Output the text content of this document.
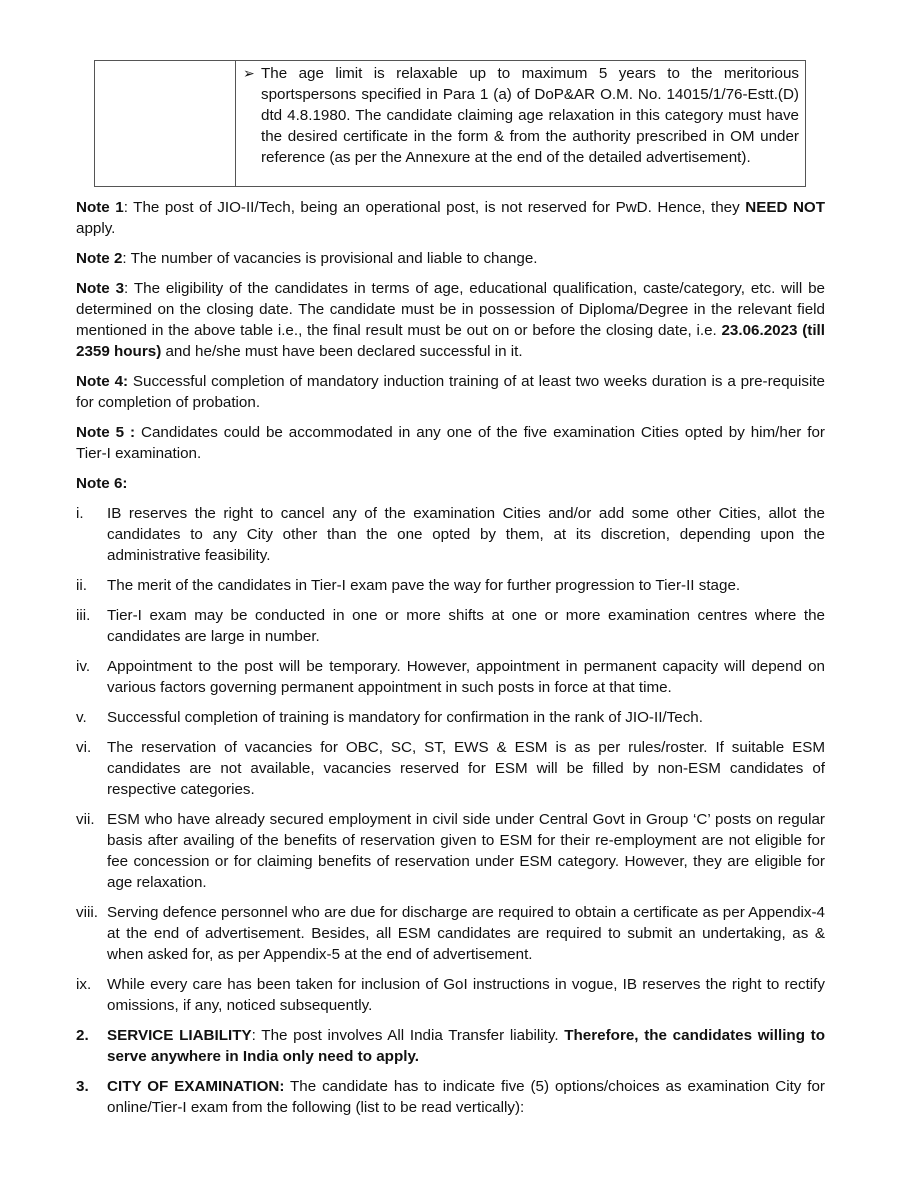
➢ The age limit is relaxable up to maximum 5 years to the meritorious sportspersons specified in Para 1 (a) of DoP&AR O.M. No. 14015/1/76-Estt.(D) dtd 4.8.1980. The candidate claiming age relaxation in this category must have the desired certificate in the form & from the authority prescribed in OM under reference (as per the Annexure at the end of the detailed advertisement).

Note 1: The post of JIO-II/Tech, being an operational post, is not reserved for PwD. Hence, they NEED NOT apply.

Note 2: The number of vacancies is provisional and liable to change.

Note 3: The eligibility of the candidates in terms of age, educational qualification, caste/category, etc. will be determined on the closing date. The candidate must be in possession of Diploma/Degree in the relevant field mentioned in the above table i.e., the final result must be out on or before the closing date, i.e. 23.06.2023 (till 2359 hours) and he/she must have been declared successful in it.

Note 4: Successful completion of mandatory induction training of at least two weeks duration is a pre-requisite for completion of probation.

Note 5 : Candidates could be accommodated in any one of the five examination Cities opted by him/her for Tier-I examination.

Note 6:

i. IB reserves the right to cancel any of the examination Cities and/or add some other Cities, allot the candidates to any City other than the one opted by them, at its discretion, depending upon the administrative feasibility.
ii. The merit of the candidates in Tier-I exam pave the way for further progression to Tier-II stage.
iii. Tier-I exam may be conducted in one or more shifts at one or more examination centres where the candidates are large in number.
iv. Appointment to the post will be temporary. However, appointment in permanent capacity will depend on various factors governing permanent appointment in such posts in force at that time.
v. Successful completion of training is mandatory for confirmation in the rank of JIO-II/Tech.
vi. The reservation of vacancies for OBC, SC, ST, EWS & ESM is as per rules/roster. If suitable ESM candidates are not available, vacancies reserved for ESM will be filled by non-ESM candidates of respective categories.
vii. ESM who have already secured employment in civil side under Central Govt in Group ‘C’ posts on regular basis after availing of the benefits of reservation given to ESM for their re-employment are not eligible for fee concession or for claiming benefits of reservation under ESM category. However, they are eligible for age relaxation.
viii. Serving defence personnel who are due for discharge are required to obtain a certificate as per Appendix-4 at the end of advertisement. Besides, all ESM candidates are required to submit an undertaking, as & when asked for, as per Appendix-5 at the end of advertisement.
ix. While every care has been taken for inclusion of GoI instructions in vogue, IB reserves the right to rectify omissions, if any, noticed subsequently.
2. SERVICE LIABILITY: The post involves All India Transfer liability. Therefore, the candidates willing to serve anywhere in India only need to apply.
3. CITY OF EXAMINATION: The candidate has to indicate five (5) options/choices as examination City for online/Tier-I exam from the following (list to be read vertically):
